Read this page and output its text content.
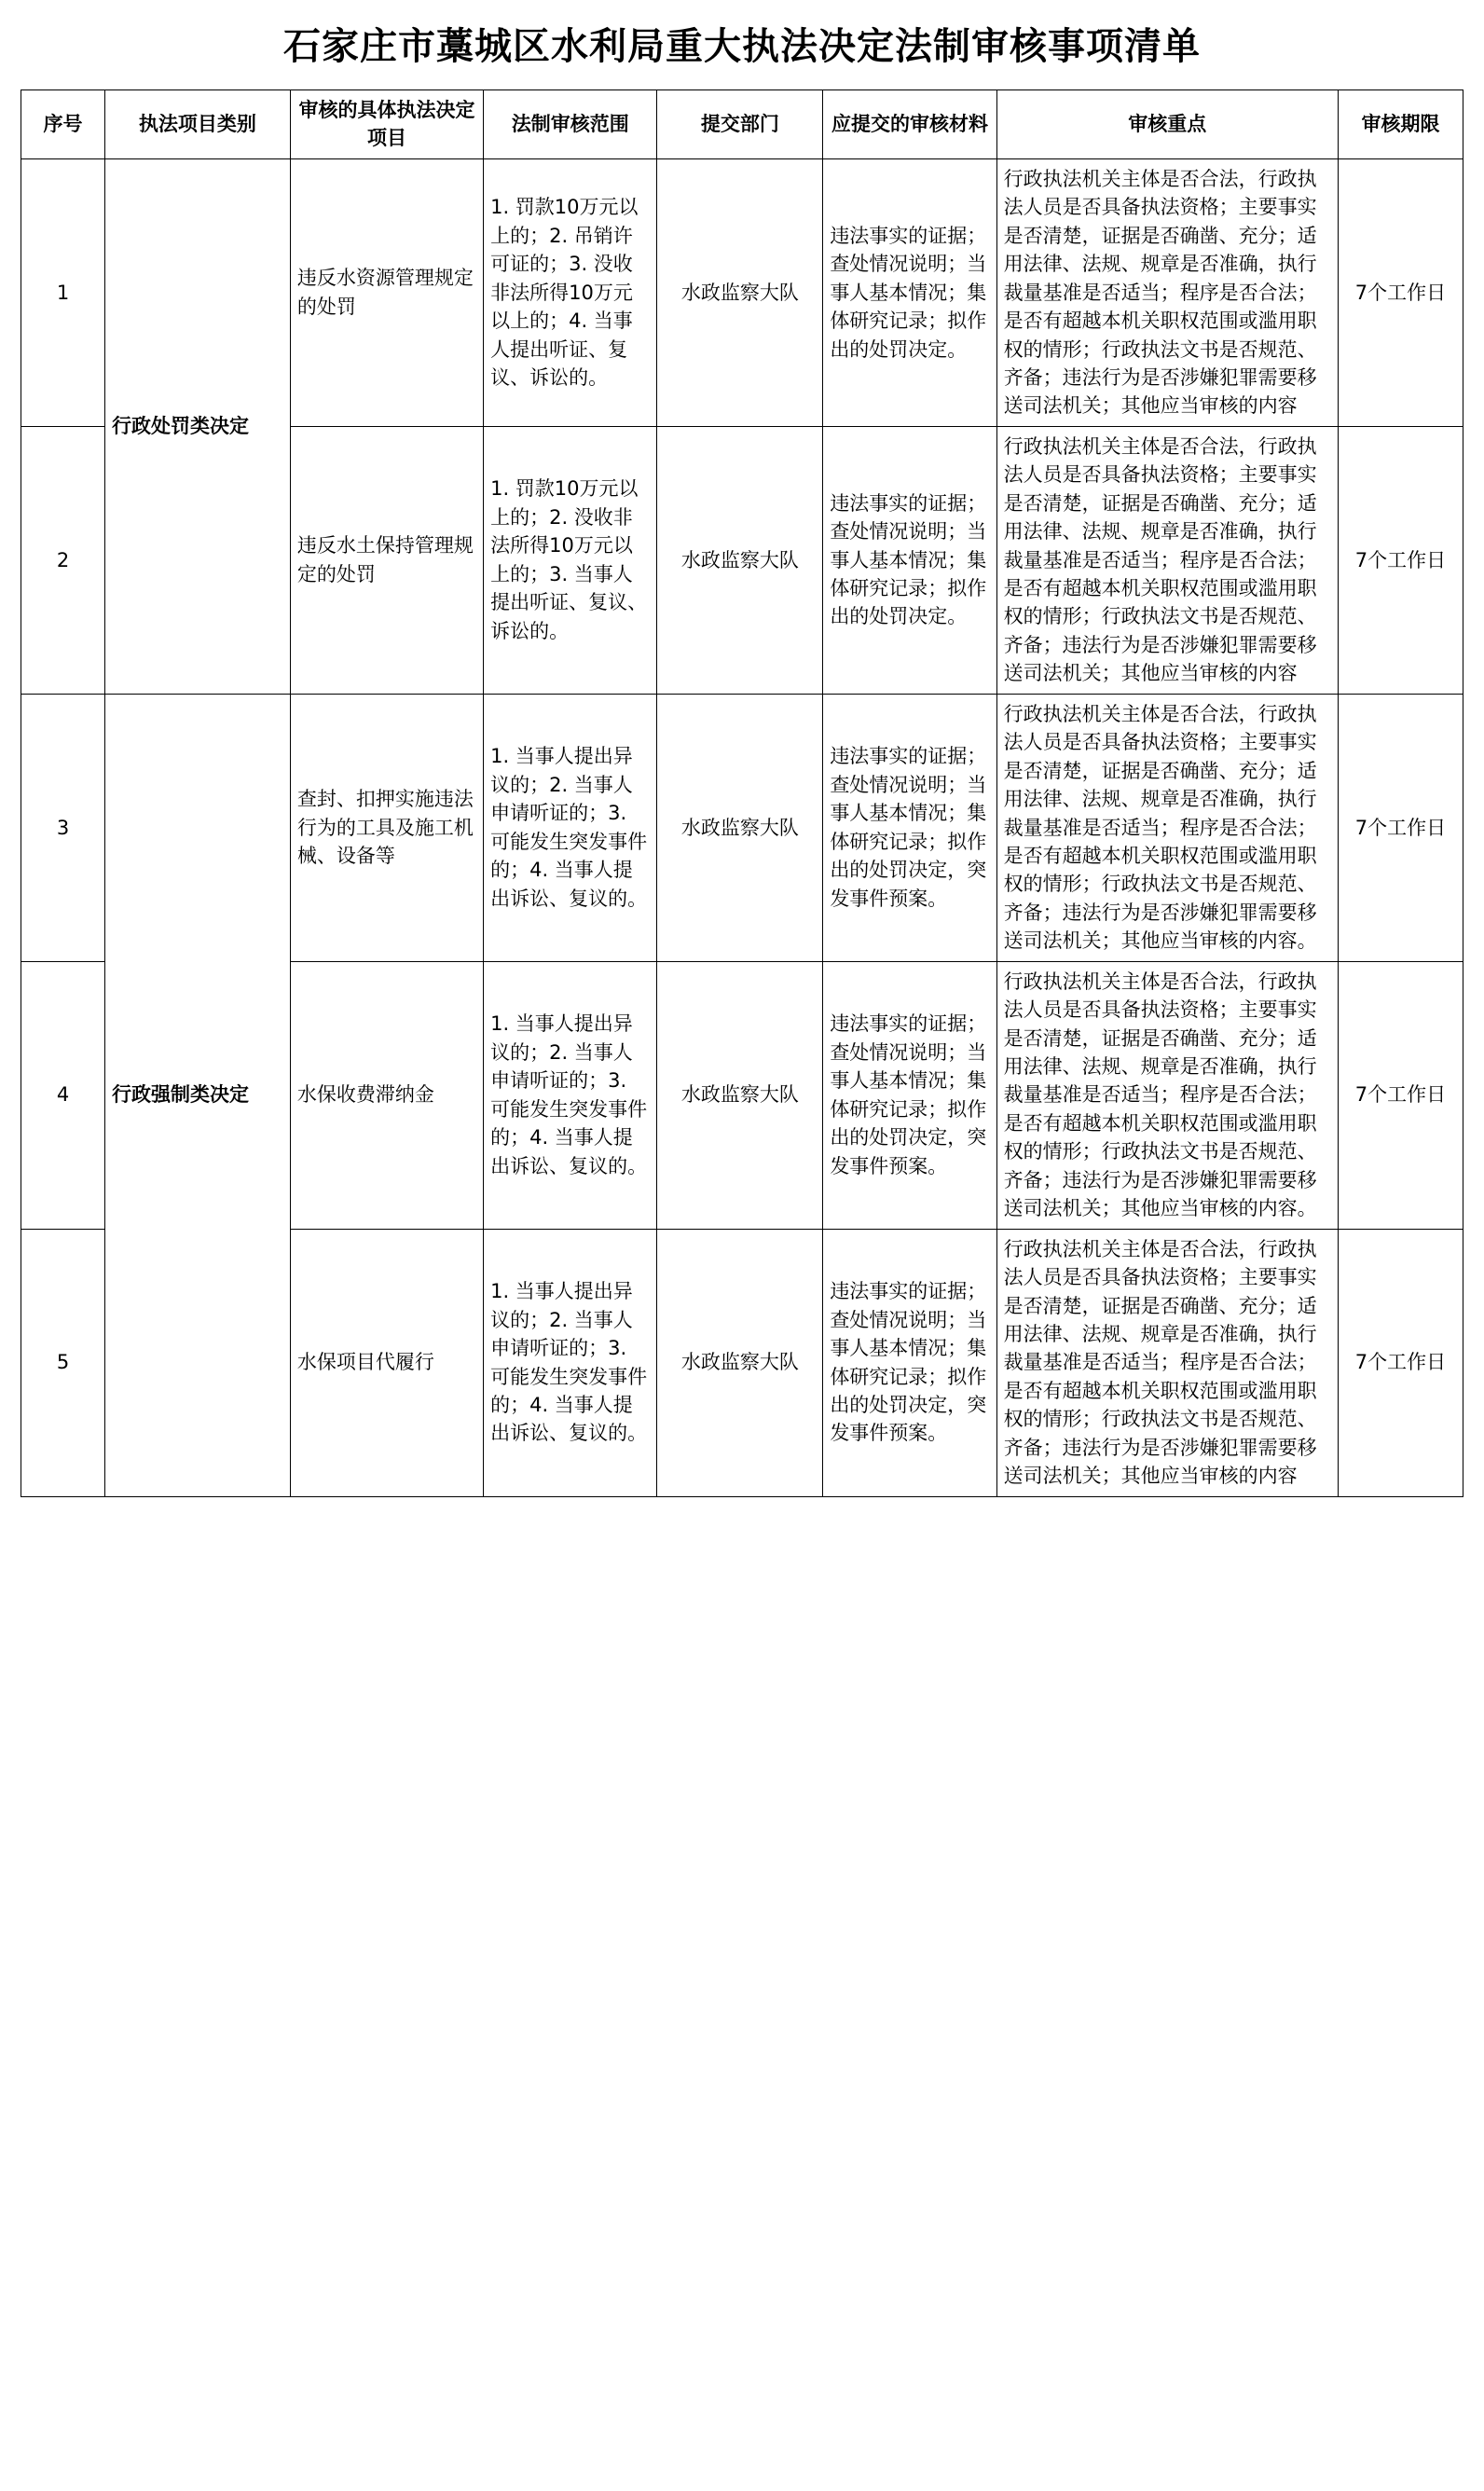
石家庄市藁城区水利局重大执法决定法制审核事项清单
序号	执法项目类别	审核的具体执法决定项目	法制审核范围	提交部门	应提交的审核材料	审核重点	审核期限
1	行政处罚类决定	违反水资源管理规定的处罚	1. 罚款10万元以上的；2. 吊销许可证的；3. 没收非法所得10万元以上的；4. 当事人提出听证、复议、诉讼的。	水政监察大队	违法事实的证据；查处情况说明；当事人基本情况；集体研究记录；拟作出的处罚决定。	行政执法机关主体是否合法，行政执法人员是否具备执法资格；主要事实是否清楚，证据是否确凿、充分；适用法律、法规、规章是否准确，执行裁量基准是否适当；程序是否合法；是否有超越本机关职权范围或滥用职权的情形；行政执法文书是否规范、齐备；违法行为是否涉嫌犯罪需要移送司法机关；其他应当审核的内容	7个工作日
2		违反水土保持管理规定的处罚	1. 罚款10万元以上的；2. 没收非法所得10万元以上的；3. 当事人提出听证、复议、诉讼的。	水政监察大队	违法事实的证据；查处情况说明；当事人基本情况；集体研究记录；拟作出的处罚决定。	行政执法机关主体是否合法，行政执法人员是否具备执法资格；主要事实是否清楚，证据是否确凿、充分；适用法律、法规、规章是否准确，执行裁量基准是否适当；程序是否合法；是否有超越本机关职权范围或滥用职权的情形；行政执法文书是否规范、齐备；违法行为是否涉嫌犯罪需要移送司法机关；其他应当审核的内容	7个工作日
3	行政强制类决定	查封、扣押实施违法行为的工具及施工机械、设备等	1. 当事人提出异议的；2. 当事人申请听证的；3. 可能发生突发事件的；4. 当事人提出诉讼、复议的。	水政监察大队	违法事实的证据；查处情况说明；当事人基本情况；集体研究记录；拟作出的处罚决定，突发事件预案。	行政执法机关主体是否合法，行政执法人员是否具备执法资格；主要事实是否清楚，证据是否确凿、充分；适用法律、法规、规章是否准确，执行裁量基准是否适当；程序是否合法；是否有超越本机关职权范围或滥用职权的情形；行政执法文书是否规范、齐备；违法行为是否涉嫌犯罪需要移送司法机关；其他应当审核的内容。	7个工作日
4		水保收费滞纳金	1. 当事人提出异议的；2. 当事人申请听证的；3. 可能发生突发事件的；4. 当事人提出诉讼、复议的。	水政监察大队	违法事实的证据；查处情况说明；当事人基本情况；集体研究记录；拟作出的处罚决定，突发事件预案。	行政执法机关主体是否合法，行政执法人员是否具备执法资格；主要事实是否清楚，证据是否确凿、充分；适用法律、法规、规章是否准确，执行裁量基准是否适当；程序是否合法；是否有超越本机关职权范围或滥用职权的情形；行政执法文书是否规范、齐备；违法行为是否涉嫌犯罪需要移送司法机关；其他应当审核的内容。	7个工作日
5		水保项目代履行	1. 当事人提出异议的；2. 当事人申请听证的；3. 可能发生突发事件的；4. 当事人提出诉讼、复议的。	水政监察大队	违法事实的证据；查处情况说明；当事人基本情况；集体研究记录；拟作出的处罚决定，突发事件预案。	行政执法机关主体是否合法，行政执法人员是否具备执法资格；主要事实是否清楚，证据是否确凿、充分；适用法律、法规、规章是否准确，执行裁量基准是否适当；程序是否合法；是否有超越本机关职权范围或滥用职权的情形；行政执法文书是否规范、齐备；违法行为是否涉嫌犯罪需要移送司法机关；其他应当审核的内容	7个工作日
